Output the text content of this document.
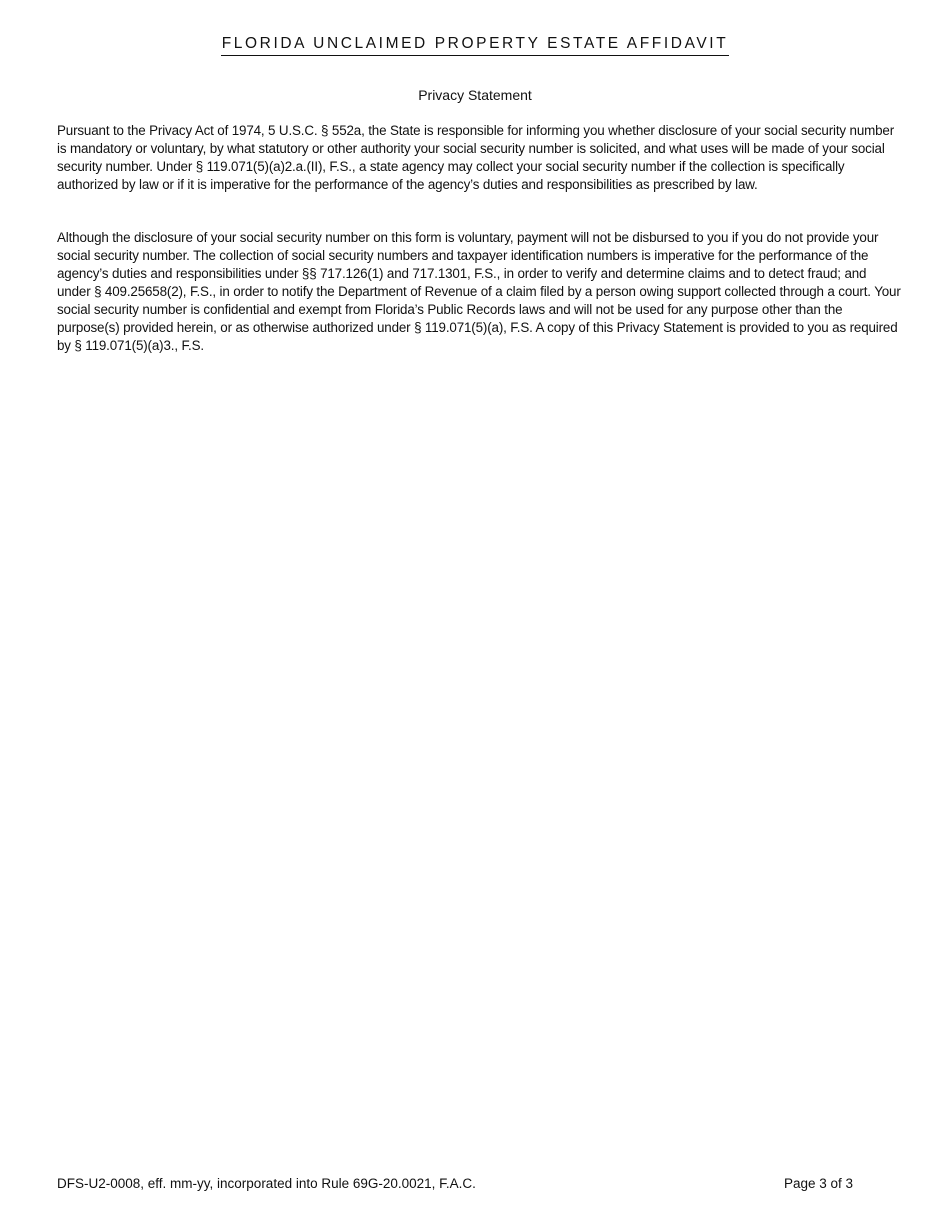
FLORIDA UNCLAIMED PROPERTY ESTATE AFFIDAVIT
Privacy Statement

Pursuant to the Privacy Act of 1974, 5 U.S.C. § 552a, the State is responsible for informing you whether disclosure of your social security number is mandatory or voluntary, by what statutory or other authority your social security number is solicited, and what uses will be made of your social security number. Under § 119.071(5)(a)2.a.(II), F.S., a state agency may collect your social security number if the collection is specifically authorized by law or if it is imperative for the performance of the agency’s duties and responsibilities as prescribed by law.

Although the disclosure of your social security number on this form is voluntary, payment will not be disbursed to you if you do not provide your social security number. The collection of social security numbers and taxpayer identification numbers is imperative for the performance of the agency’s duties and responsibilities under §§ 717.126(1) and 717.1301, F.S., in order to verify and determine claims and to detect fraud; and under § 409.25658(2), F.S., in order to notify the Department of Revenue of a claim filed by a person owing support collected through a court. Your social security number is confidential and exempt from Florida’s Public Records laws and will not be used for any purpose other than the purpose(s) provided herein, or as otherwise authorized under § 119.071(5)(a), F.S. A copy of this Privacy Statement is provided to you as required by § 119.071(5)(a)3., F.S.

DFS-U2-0008, eff. mm-yy, incorporated into Rule 69G-20.0021, F.A.C.	Page 3 of 3
